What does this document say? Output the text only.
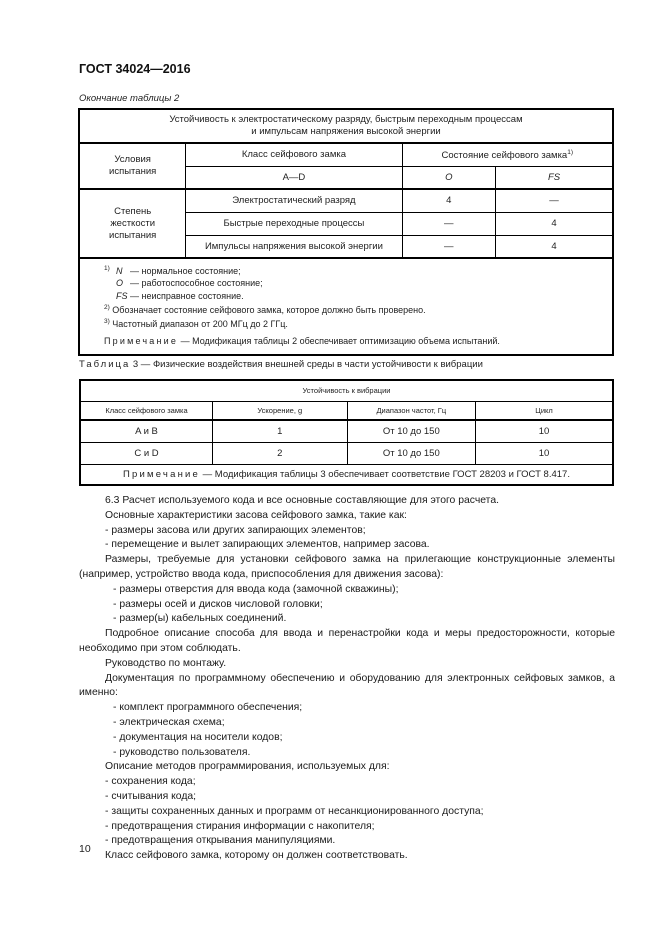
ГОСТ 34024—2016
Окончание таблицы 2
Устойчивость к электростатическому разряду, быстрым переходным процессам
и импульсам напряжения высокой энергии			
Условия испытания	Класс сейфового замка	Состояние сейфового замка$^{1)}$
	A—D	O	FS
Степень жесткости испытания	Электростатический разряд	4	—
	Быстрые переходные процессы	—	4
	Импульсы напряжения высокой энергии	—	4

1) N — нормальное состояние;
O — работоспособное состояние;
FS — неисправное состояние.
$^{2)}$ Обозначает состояние сейфового замка, которое должно быть проверено.
$^{3)}$ Частотный диапазон от 200 МГц до 2 ГГц.
Примечание — Модификация таблицы 2 обеспечивает оптимизацию объема испытаний.
Таблица 3 — Физические воздействия внешней среды в части устойчивости к вибрации
Устойчивость к вибрации			
Класс сейфового замка	Ускорение, g	Диапазон частот, Гц	Цикл
A и B	1	От 10 до 150	10
C и D	2	От 10 до 150	10
Примечание — Модификация таблицы 3 обеспечивает соответствие ГОСТ 28203 и ГОСТ 8.417.			

6.3 Расчет используемого кода и все основные составляющие для этого расчета.

Основные характеристики засова сейфового замка, такие как:

- размеры засова или других запирающих элементов;

- перемещение и вылет запирающих элементов, например засова.

Размеры, требуемые для установки сейфового замка на прилегающие конструкционные элементы (например, устройство ввода кода, приспособления для движения засова):

- размеры отверстия для ввода кода (замочной скважины);

- размеры осей и дисков числовой головки;

- размер(ы) кабельных соединений.

Подробное описание способа для ввода и перенастройки кода и меры предосторожности, которые необходимо при этом соблюдать.

Руководство по монтажу.

Документация по программному обеспечению и оборудованию для электронных сейфовых замков, а именно:

- комплект программного обеспечения;

- электрическая схема;

- документация на носители кодов;

- руководство пользователя.

Описание методов программирования, используемых для:

- сохранения кода;

- считывания кода;

- защиты сохраненных данных и программ от несанкционированного доступа;

- предотвращения стирания информации с накопителя;

- предотвращения открывания манипуляциями.

Класс сейфового замка, которому он должен соответствовать.

10
